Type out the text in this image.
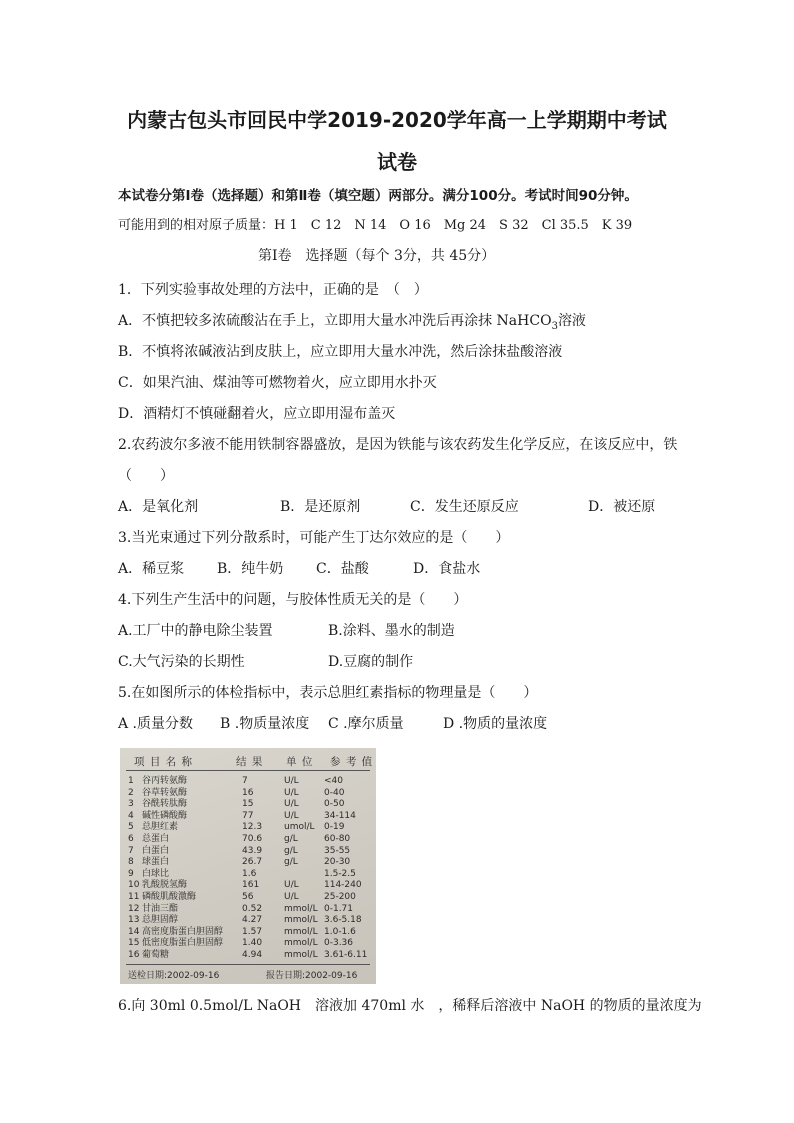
内蒙古包头市回民中学2019-2020学年高一上学期期中考试
试卷
本试卷分第Ⅰ卷（选择题）和第Ⅱ卷（填空题）两部分。满分100分。考试时间90分钟。
可能用到的相对原子质量：H 1　C 12　N 14　O 16　Mg 24　S 32　Cl 35.5　K 39
第Ⅰ卷　选择题（每个 3分，共 45分）
1．下列实验事故处理的方法中，正确的是　（　）
A．不慎把较多浓硫酸沾在手上，立即用大量水冲洗后再涂抹 NaHCO$_3$溶液
B．不慎将浓碱液沾到皮肤上，应立即用大量水冲洗，然后涂抹盐酸溶液
C．如果汽油、煤油等可燃物着火，应立即用水扑灭
D．酒精灯不慎碰翻着火，应立即用湿布盖灭
2.农药波尔多液不能用铁制容器盛放，是因为铁能与该农药发生化学反应，在该反应中，铁
（　　）
A．是氧化剂	B．是还原剂	C．发生还原反应	D．被还原
3.当光束通过下列分散系时，可能产生丁达尔效应的是（　　）
A．稀豆浆 B．纯牛奶 C．盐酸	D．食盐水
4.下列生产生活中的问题，与胶体性质无关的是（　　）
A.工厂中的静电除尘装置	B.涂料、墨水的制造
C.大气污染的长期性	D.豆腐的制作
5.在如图所示的体检指标中，表示总胆红素指标的物理量是（　　）
A .质量分数 B .物质量浓度 C .摩尔质量	D .物质的量浓度
项 目 名 称	结 果 单 位 参 考 值
1 谷丙转氨酶	7	U/L	<40
2 谷草转氨酶	16	U/L	0-40
3 谷酰转肽酶	15	U/L	0-50
4 碱性磷酸酶	77	U/L	34-114
5 总胆红素	12.3 umol/L 0-19
6 总蛋白	70.6 g/L	60-80
7 白蛋白	43.9 g/L	35-55
8 球蛋白	26.7 g/L	20-30
9 白球比	1.6	1.5-2.5
10 乳酸脱氢酶	161	U/L	114-240
11 磷酸肌酸激酶	56	U/L	25-200
12 甘油三酯	0.52 mmol/L 0-1.71
13 总胆固醇	4.27 mmol/L 3.6-5.18
14 高密度脂蛋白胆固醇 1.57 mmol/L 1.0-1.6
15 低密度脂蛋白胆固醇 1.40 mmol/L 0-3.36
16 葡萄糖	4.94 mmol/L 3.61-6.11
送检日期:2002-09-16	报告日期:2002-09-16
6.向 30ml 0.5mol/L NaOH　溶液加 470ml 水　，稀释后溶液中 NaOH 的物质的量浓度为
